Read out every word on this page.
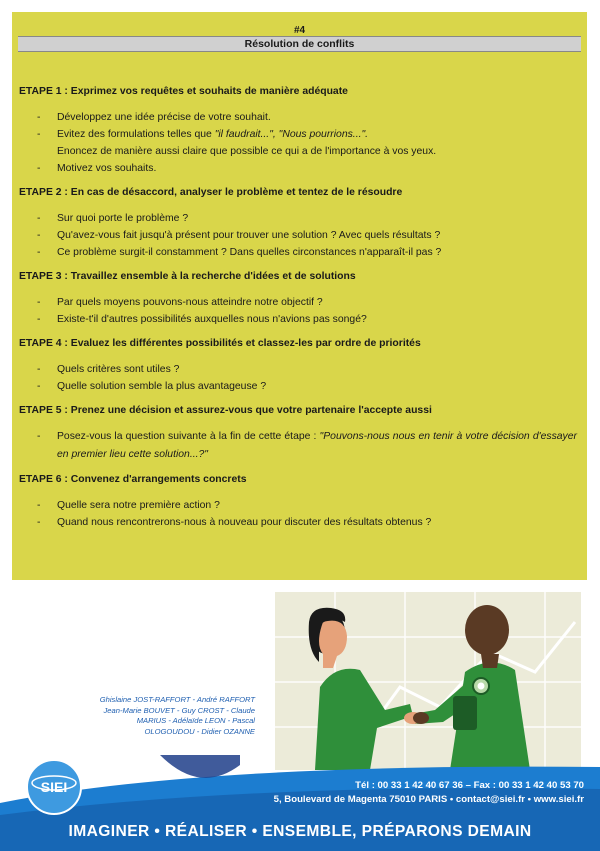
#4
Résolution de conflits

ETAPE 1 : Exprimez vos requêtes et souhaits de manière adéquate

- Développez une idée précise de votre souhait.
- Evitez des formulations telles que "il faudrait...", "Nous pourrions...".
Enoncez de manière aussi claire que possible ce qui a de l'importance à vos yeux.
- Motivez vos souhaits.

ETAPE 2 : En cas de désaccord, analyser le problème et tentez de le résoudre

- Sur quoi porte le problème ?
- Qu'avez-vous fait jusqu'à présent pour trouver une solution ? Avec quels résultats ?
- Ce problème surgit-il constamment ? Dans quelles circonstances n'apparaît-il pas ?

ETAPE 3 : Travaillez ensemble à la recherche d'idées et de solutions

- Par quels moyens pouvons-nous atteindre notre objectif ?
- Existe-t'il d'autres possibilités auxquelles nous n'avions pas songé?

ETAPE 4 : Evaluez les différentes possibilités et classez-les par ordre de priorités

- Quels critères sont utiles ?
- Quelle solution semble la plus avantageuse ?

ETAPE 5 : Prenez une décision et assurez-vous que votre partenaire l'accepte aussi

- Posez-vous la question suivante à la fin de cette étape : "Pouvons-nous nous en tenir à votre décision d'essayer en premier lieu cette solution...?"

ETAPE 6 : Convenez d'arrangements concrets

- Quelle sera notre première action ?
- Quand nous rencontrerons-nous à nouveau pour discuter des résultats obtenus ?
Ghislaine JOST-RAFFORT - André RAFFORT
Jean-Marie BOUVET - Guy CROST - Claude
MARIUS - Adélaïde LEON - Pascal
OLOGOUDOU - Didier OZANNE
SIEI	Tél : 00 33 1 42 40 67 36 – Fax : 00 33 1 42 40 53 70
5, Boulevard de Magenta 75010 PARIS • contact@siei.fr • www.siei.fr
IMAGINER • RÉALISER • ENSEMBLE, PRÉPARONS DEMAIN
